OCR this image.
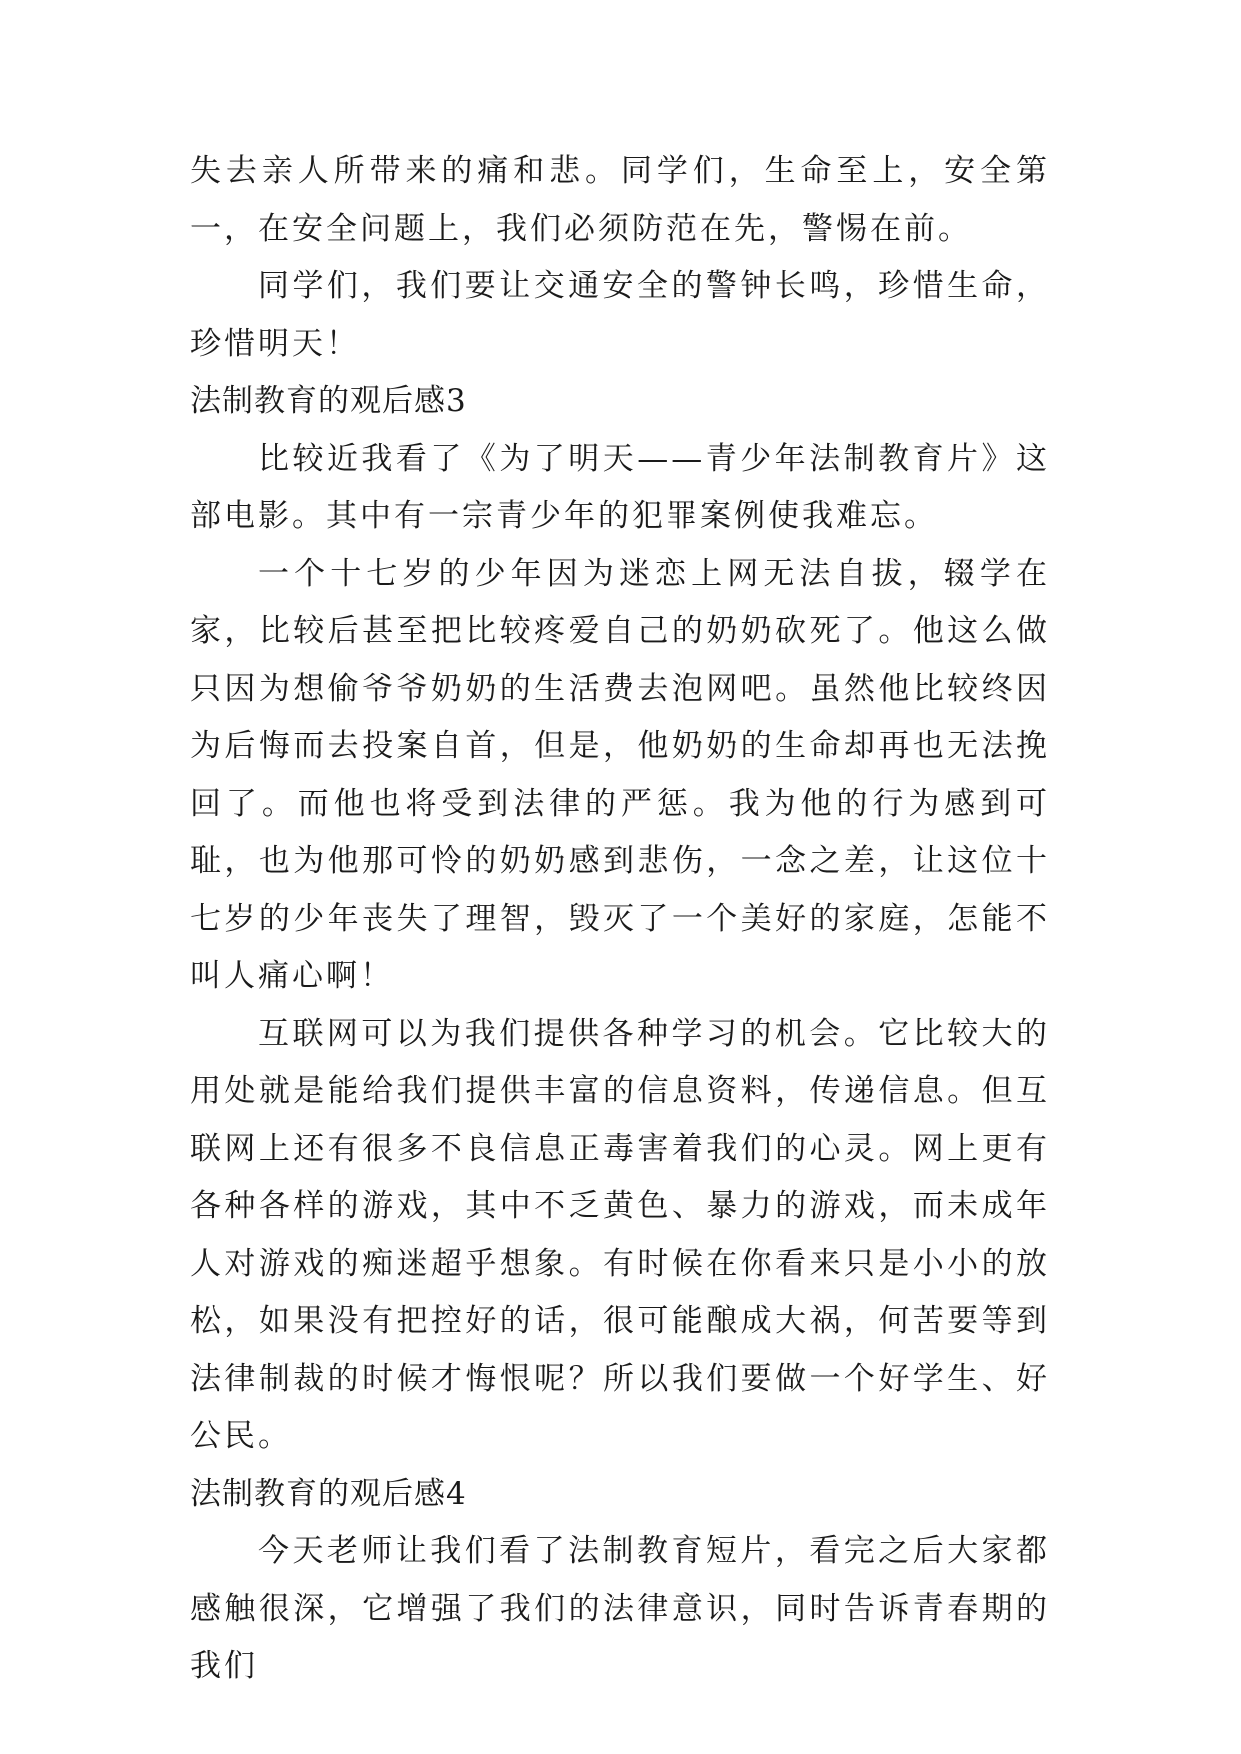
失去亲人所带来的痛和悲。同学们，生命至上，安全第一，在安全问题上，我们必须防范在先，警惕在前。

同学们，我们要让交通安全的警钟长鸣，珍惜生命，珍惜明天！

法制教育的观后感3

比较近我看了《为了明天——青少年法制教育片》这部电影。其中有一宗青少年的犯罪案例使我难忘。

一个十七岁的少年因为迷恋上网无法自拔，辍学在家，比较后甚至把比较疼爱自己的奶奶砍死了。他这么做只因为想偷爷爷奶奶的生活费去泡网吧。虽然他比较终因为后悔而去投案自首，但是，他奶奶的生命却再也无法挽回了。而他也将受到法律的严惩。我为他的行为感到可耻，也为他那可怜的奶奶感到悲伤，一念之差，让这位十七岁的少年丧失了理智，毁灭了一个美好的家庭，怎能不叫人痛心啊！

互联网可以为我们提供各种学习的机会。它比较大的用处就是能给我们提供丰富的信息资料，传递信息。但互联网上还有很多不良信息正毒害着我们的心灵。网上更有各种各样的游戏，其中不乏黄色、暴力的游戏，而未成年人对游戏的痴迷超乎想象。有时候在你看来只是小小的放松，如果没有把控好的话，很可能酿成大祸，何苦要等到法律制裁的时候才悔恨呢？所以我们要做一个好学生、好公民。

法制教育的观后感4

今天老师让我们看了法制教育短片，看完之后大家都感触很深，它增强了我们的法律意识，同时告诉青春期的我们
